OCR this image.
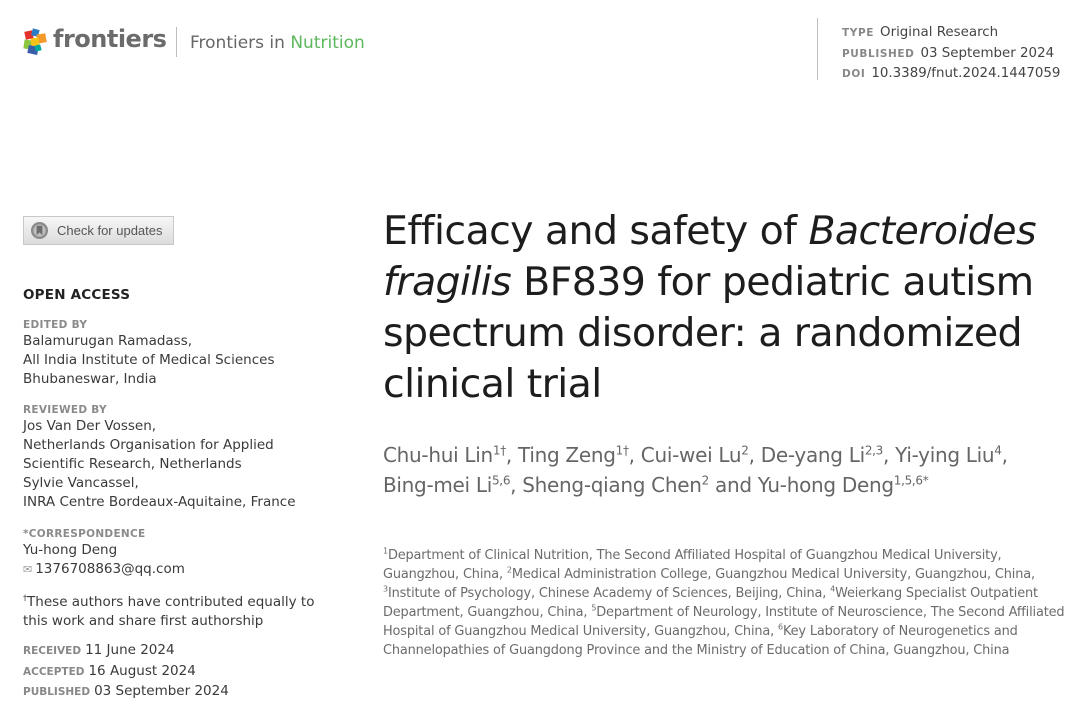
frontiers Frontiers in Nutrition	TYPE Original Research
PUBLISHED 03 September 2024
DOI 10.3389/fnut.2024.1447059
Check for updates
OPEN ACCESS
EDITED BY
Balamurugan Ramadass,
All India Institute of Medical Sciences
Bhubaneswar, India
REVIEWED BY
Jos Van Der Vossen,
Netherlands Organisation for Applied
Scientific Research, Netherlands
Sylvie Vancassel,
INRA Centre Bordeaux-Aquitaine, France
*CORRESPONDENCE
Yu-hong Deng
✉ 1376708863@qq.com
†These authors have contributed equally to
this work and share first authorship
RECEIVED 11 June 2024
ACCEPTED 16 August 2024
PUBLISHED 03 September 2024
Efficacy and safety of Bacteroides fragilis BF839 for pediatric autism spectrum disorder: a randomized clinical trial
Chu-hui Lin$^{1\dagger}$, Ting Zeng$^{1\dagger}$, Cui-wei Lu$^2$, De-yang Li$^{2,3}$, Yi-ying Liu$^4$, Bing-mei Li$^{5,6}$, Sheng-qiang Chen$^2$ and Yu-hong Deng$^{1,5,6*}$
$^1$Department of Clinical Nutrition, The Second Affiliated Hospital of Guangzhou Medical University, Guangzhou, China, $^2$Medical Administration College, Guangzhou Medical University, Guangzhou, China, $^3$Institute of Psychology, Chinese Academy of Sciences, Beijing, China, $^4$Weierkang Specialist Outpatient Department, Guangzhou, China, $^5$Department of Neurology, Institute of Neuroscience, The Second Affiliated Hospital of Guangzhou Medical University, Guangzhou, China, $^6$Key Laboratory of Neurogenetics and Channelopathies of Guangdong Province and the Ministry of Education of China, Guangzhou, China
